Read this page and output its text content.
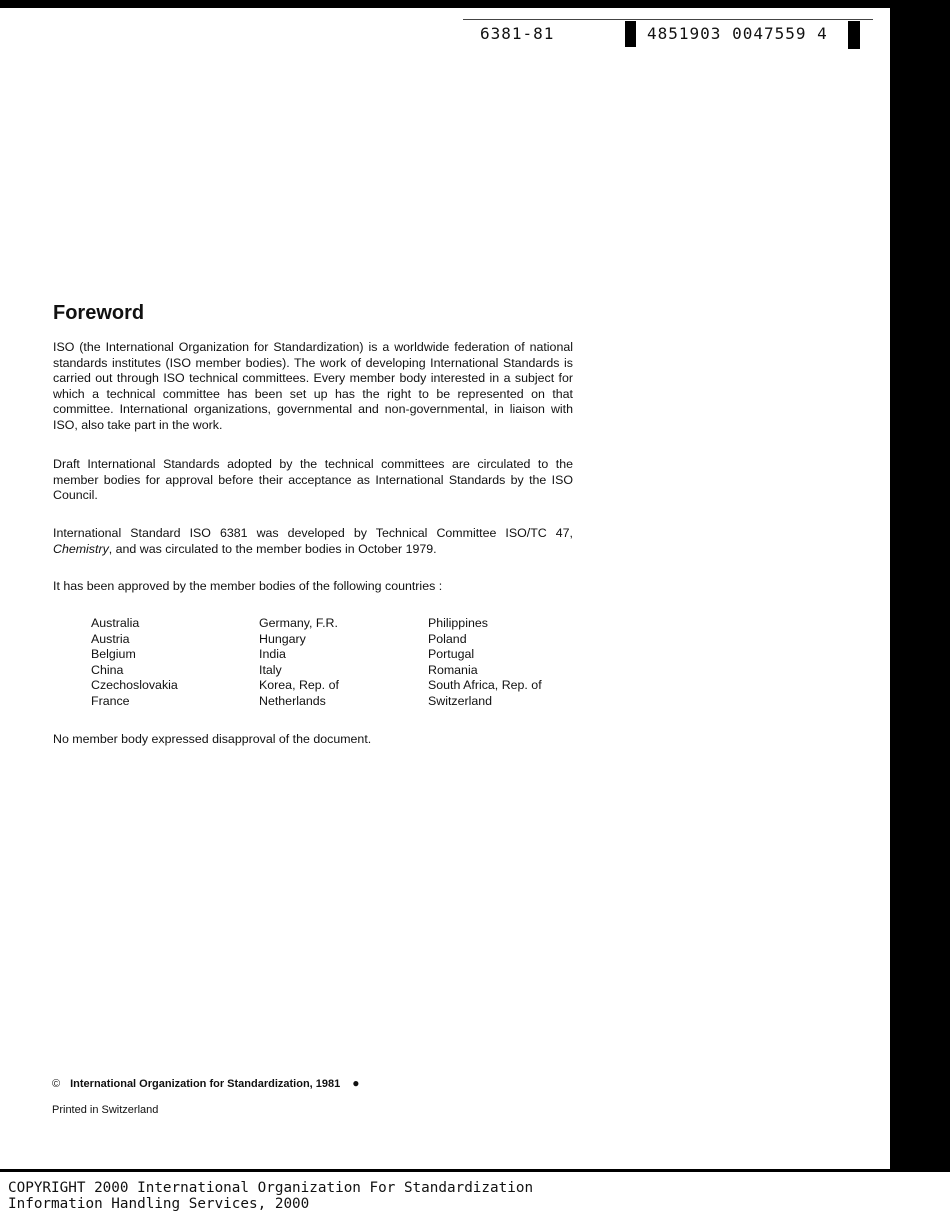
6381-81	4851903 0047559 4
Foreword

ISO (the International Organization for Standardization) is a worldwide federation of national standards institutes (ISO member bodies). The work of developing International Standards is carried out through ISO technical committees. Every member body interested in a subject for which a technical committee has been set up has the right to be represented on that committee. International organizations, governmental and non-governmental, in liaison with ISO, also take part in the work.

Draft International Standards adopted by the technical committees are circulated to the member bodies for approval before their acceptance as International Standards by the ISO Council.

International Standard ISO 6381 was developed by Technical Committee ISO/TC 47, Chemistry, and was circulated to the member bodies in October 1979.

It has been approved by the member bodies of the following countries :

Australia
Austria
Belgium
China
Czechoslovakia
France
Germany, F.R.
Hungary
India
Italy
Korea, Rep. of
Netherlands
Philippines
Poland
Portugal
Romania
South Africa, Rep. of
Switzerland

No member body expressed disapproval of the document.

© International Organization for Standardization, 1981 ●
Printed in Switzerland
COPYRIGHT 2000 International Organization For Standardization
Information Handling Services, 2000
